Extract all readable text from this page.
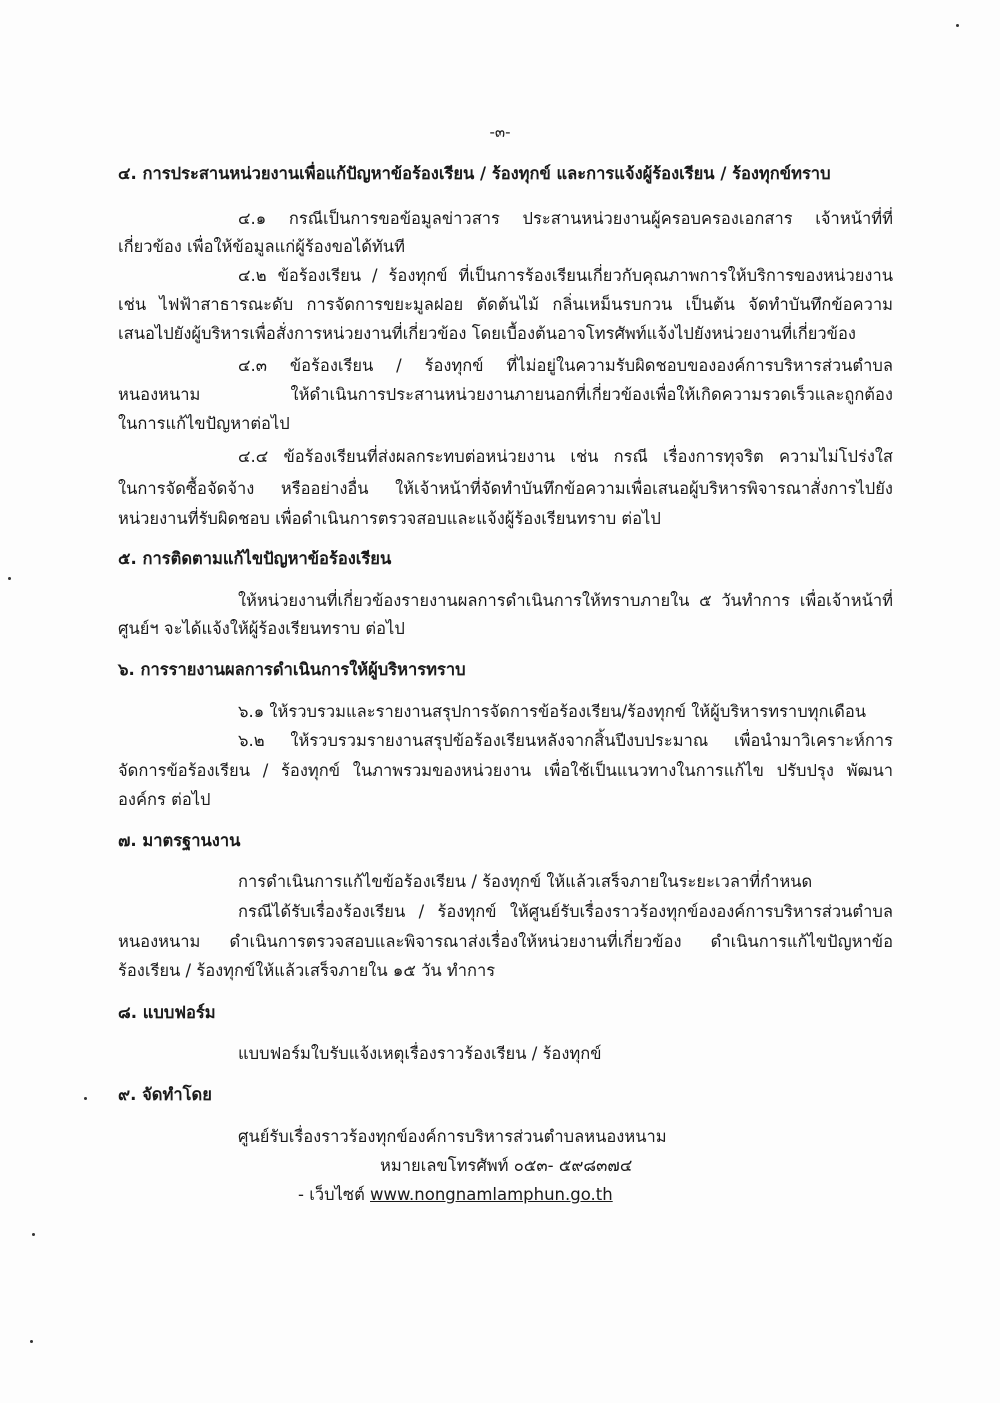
-๓-
๔. การประสานหน่วยงานเพื่อแก้ปัญหาข้อร้องเรียน / ร้องทุกข์ และการแจ้งผู้ร้องเรียน / ร้องทุกข์ทราบ
๔.๑ กรณีเป็นการขอข้อมูลข่าวสาร ประสานหน่วยงานผู้ครอบครองเอกสาร เจ้าหน้าที่ที่
เกี่ยวข้อง เพื่อให้ข้อมูลแก่ผู้ร้องขอได้ทันที
๔.๒ ข้อร้องเรียน / ร้องทุกข์ ที่เป็นการร้องเรียนเกี่ยวกับคุณภาพการให้บริการของหน่วยงาน
เช่น ไฟฟ้าสาธารณะดับ การจัดการขยะมูลฝอย ตัดต้นไม้ กลิ่นเหม็นรบกวน เป็นต้น จัดทำบันทึกข้อความ
เสนอไปยังผู้บริหารเพื่อสั่งการหน่วยงานที่เกี่ยวข้อง โดยเบื้องต้นอาจโทรศัพท์แจ้งไปยังหน่วยงานที่เกี่ยวข้อง
๔.๓ ข้อร้องเรียน / ร้องทุกข์ ที่ไม่อยู่ในความรับผิดชอบขององค์การบริหารส่วนตำบล
หนองหนาม ให้ดำเนินการประสานหน่วยงานภายนอกที่เกี่ยวข้องเพื่อให้เกิดความรวดเร็วและถูกต้อง
ในการแก้ไขปัญหาต่อไป
๔.๔ ข้อร้องเรียนที่ส่งผลกระทบต่อหน่วยงาน เช่น กรณี เรื่องการทุจริต ความไม่โปร่งใส
ในการจัดซื้อจัดจ้าง หรืออย่างอื่น ให้เจ้าหน้าที่จัดทำบันทึกข้อความเพื่อเสนอผู้บริหารพิจารณาสั่งการไปยัง
หน่วยงานที่รับผิดชอบ เพื่อดำเนินการตรวจสอบและแจ้งผู้ร้องเรียนทราบ ต่อไป
๕. การติดตามแก้ไขปัญหาข้อร้องเรียน
ให้หน่วยงานที่เกี่ยวข้องรายงานผลการดำเนินการให้ทราบภายใน ๕ วันทำการ เพื่อเจ้าหน้าที่
ศูนย์ฯ จะได้แจ้งให้ผู้ร้องเรียนทราบ ต่อไป
๖. การรายงานผลการดำเนินการให้ผู้บริหารทราบ
๖.๑ ให้รวบรวมและรายงานสรุปการจัดการข้อร้องเรียน/ร้องทุกข์ ให้ผู้บริหารทราบทุกเดือน
๖.๒ ให้รวบรวมรายงานสรุปข้อร้องเรียนหลังจากสิ้นปีงบประมาณ เพื่อนำมาวิเคราะห์การ
จัดการข้อร้องเรียน / ร้องทุกข์ ในภาพรวมของหน่วยงาน เพื่อใช้เป็นแนวทางในการแก้ไข ปรับปรุง พัฒนา
องค์กร ต่อไป
๗. มาตรฐานงาน
การดำเนินการแก้ไขข้อร้องเรียน / ร้องทุกข์ ให้แล้วเสร็จภายในระยะเวลาที่กำหนด
กรณีได้รับเรื่องร้องเรียน / ร้องทุกข์ ให้ศูนย์รับเรื่องราวร้องทุกข์ององค์การบริหารส่วนตำบล
หนองหนาม ดำเนินการตรวจสอบและพิจารณาส่งเรื่องให้หน่วยงานที่เกี่ยวข้อง ดำเนินการแก้ไขปัญหาข้อ
ร้องเรียน / ร้องทุกข์ให้แล้วเสร็จภายใน ๑๕ วัน ทำการ
๘. แบบฟอร์ม
แบบฟอร์มใบรับแจ้งเหตุเรื่องราวร้องเรียน / ร้องทุกข์
๙. จัดทำโดย
ศูนย์รับเรื่องราวร้องทุกข์องค์การบริหารส่วนตำบลหนองหนาม
หมายเลขโทรศัพท์ ๐๕๓- ๕๙๘๓๗๔
- เว็บไซต์ www.nongnamlamphun.go.th
